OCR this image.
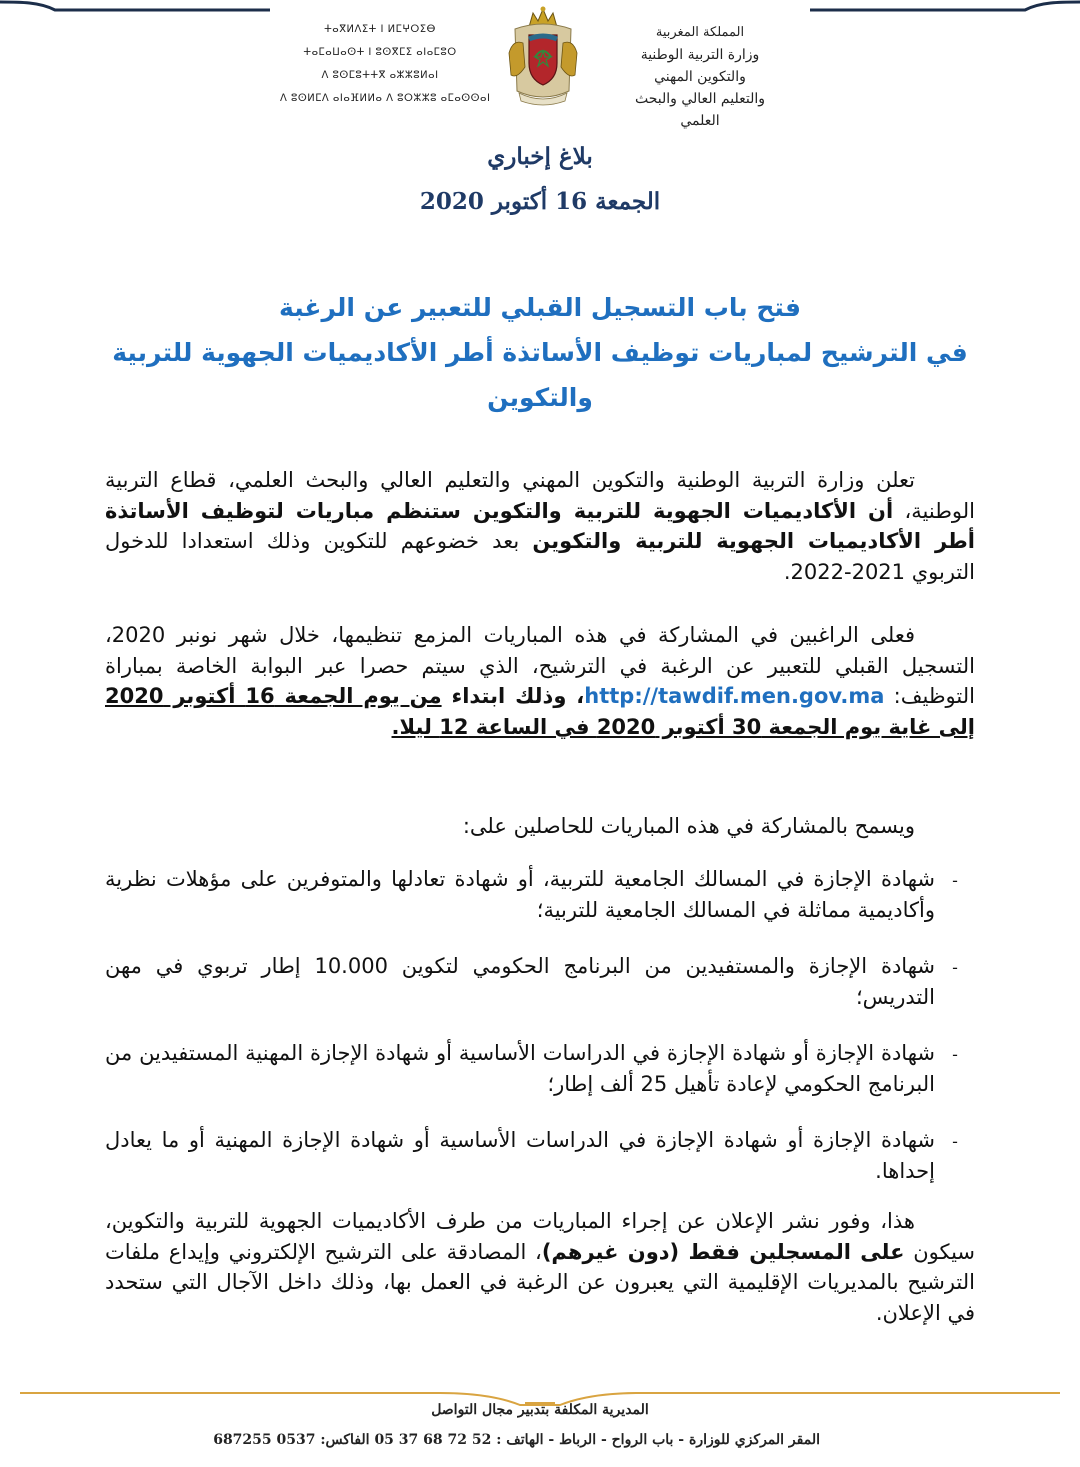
ⵜⴰⴳⵍⴷⵉⵜ ⵏ ⵍⵎⵖⵔⵉⴱ
ⵜⴰⵎⴰⵡⴰⵙⵜ ⵏ ⵓⵙⴳⵎⵉ ⴰⵏⴰⵎⵓⵔ
ⴷ ⵓⵙⵎⵓⵜⵜⴳ ⴰⵣⵣⵓⵍⴰⵏ
ⴷ ⵓⵙⵍⵎⴷ ⴰⵏⴰⴼⵍⵍⴰ ⴷ ⵓⵔⵣⵣⵓ ⴰⵎⴰⵙⵙⴰⵏ
المملكة المغربية
وزارة التربية الوطنية
والتكوين المهني
والتعليم العالي والبحث العلمي
بلاغ إخباري
الجمعة 16 أكتوبر 2020
فتح باب التسجيل القبلي للتعبير عن الرغبة
في الترشيح لمباريات توظيف الأساتذة أطر الأكاديميات الجهوية للتربية والتكوين

تعلن وزارة التربية الوطنية والتكوين المهني والتعليم العالي والبحث العلمي، قطاع التربية الوطنية، أن الأكاديميات الجهوية للتربية والتكوين ستنظم مباريات لتوظيف الأساتذة أطر الأكاديميات الجهوية للتربية والتكوين بعد خضوعهم للتكوين وذلك استعدادا للدخول التربوي 2021-2022.

فعلى الراغبين في المشاركة في هذه المباريات المزمع تنظيمها، خلال شهر نونبر 2020، التسجيل القبلي للتعبير عن الرغبة في الترشيح، الذي سيتم حصرا عبر البوابة الخاصة بمباراة التوظيف: http://tawdif.men.gov.ma، وذلك ابتداء من يوم الجمعة 16 أكتوبر 2020 إلى غاية يوم الجمعة 30 أكتوبر 2020 في الساعة 12 ليلا.

ويسمح بالمشاركة في هذه المباريات للحاصلين على:

-
شهادة الإجازة في المسالك الجامعية للتربية، أو شهادة تعادلها والمتوفرين على مؤهلات نظرية وأكاديمية مماثلة في المسالك الجامعية للتربية؛
-
شهادة الإجازة والمستفيدين من البرنامج الحكومي لتكوين 10.000 إطار تربوي في مهن التدريس؛
-
شهادة الإجازة أو شهادة الإجازة في الدراسات الأساسية أو شهادة الإجازة المهنية المستفيدين من البرنامج الحكومي لإعادة تأهيل 25 ألف إطار؛
-
شهادة الإجازة أو شهادة الإجازة في الدراسات الأساسية أو شهادة الإجازة المهنية أو ما يعادل إحداها.

هذا، وفور نشر الإعلان عن إجراء المباريات من طرف الأكاديميات الجهوية للتربية والتكوين، سيكون على المسجلين فقط (دون غيرهم)، المصادقة على الترشيح الإلكتروني وإيداع ملفات الترشيح بالمديريات الإقليمية التي يعبرون عن الرغبة في العمل بها، وذلك داخل الآجال التي ستحدد في الإعلان.

المديرية المكلفة بتدبير مجال التواصل
المقر المركزي للوزارة - باب الرواح - الرباط - الهاتف : 52 72 68 37 05 الفاكس: 0537 687255
